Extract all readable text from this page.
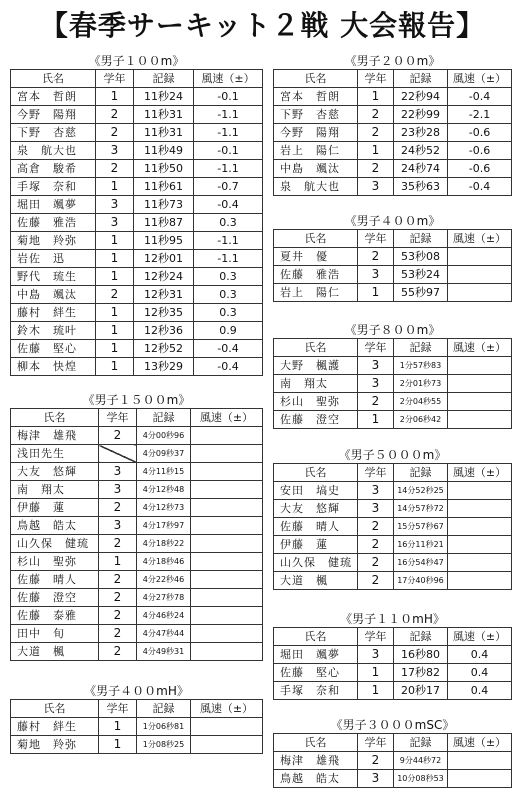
【春季サーキット２戦 大会報告】
《男子１００m》
氏名	学年	記録	風速（±）
宮本　哲朗	1	11秒24	-0.1
今野　陽翔	2	11秒31	-1.1
下野　杏慈	2	11秒31	-1.1
泉　航大也	3	11秒49	-0.1
高倉　駿希	2	11秒50	-1.1
手塚　奈和	1	11秒61	-0.7
堀田　颯夢	3	11秒73	-0.4
佐藤　雅浩	3	11秒87	0.3
菊地　羚弥	1	11秒95	-1.1
岩佐　迅	1	12秒01	-1.1
野代　琉生	1	12秒24	0.3
中島　颯汰	2	12秒31	0.3
藤村　絆生	1	12秒35	0.3
鈴木　琉叶	1	12秒36	0.9
佐藤　堅心	1	12秒52	-0.4
柳本　快煌	1	13秒29	-0.4
《男子２００m》
氏名	学年	記録	風速（±）
宮本　哲朗	1	22秒94	-0.4
下野　杏慈	2	22秒99	-2.1
今野　陽翔	2	23秒28	-0.6
岩上　陽仁	1	24秒52	-0.6
中島　颯汰	2	24秒74	-0.6
泉　航大也	3	35秒63	-0.4
《男子４００m》
氏名	学年	記録	風速（±）
夏井　優	2	53秒08	
佐藤　雅浩	3	53秒24	
岩上　陽仁	1	55秒97	
《男子８００m》
氏名	学年	記録	風速（±）
大野　楓護	3	1分57秒83	
南　翔太	3	2分01秒73	
杉山　聖弥	2	2分04秒55	
佐藤　澄空	1	2分06秒42	
《男子１５００m》
氏名	学年	記録	風速（±）
梅津　雄飛	2	4分00秒96	
浅田先生		4分09秒37	
大友　悠輝	3	4分11秒15	
南　翔太	3	4分12秒48	
伊藤　蓮	2	4分12秒73	
鳥越　皓太	3	4分17秒97	
山久保　健琉	2	4分18秒22	
杉山　聖弥	1	4分18秒46	
佐藤　晴人	2	4分22秒46	
佐藤　澄空	2	4分27秒78	
佐藤　泰雅	2	4分46秒24	
田中　旬	2	4分47秒44	
大道　楓	2	4分49秒31	
《男子５０００m》
氏名	学年	記録	風速（±）
安田　塙史	3	14分52秒25	
大友　悠輝	3	14分57秒72	
佐藤　晴人	2	15分57秒67	
伊藤　蓮	2	16分11秒21	
山久保　健琉	2	16分54秒47	
大道　楓	2	17分40秒96	
《男子１１０mH》
氏名	学年	記録	風速（±）
堀田　颯夢	3	16秒80	0.4
佐藤　堅心	1	17秒82	0.4
手塚　奈和	1	20秒17	0.4
《男子４００mH》
氏名	学年	記録	風速（±）
藤村　絆生	1	1分06秒81	
菊地　羚弥	1	1分08秒25	
《男子３０００mSC》
氏名	学年	記録	風速（±）
梅津　雄飛	2	9分44秒72	
鳥越　皓太	3	10分08秒53	
